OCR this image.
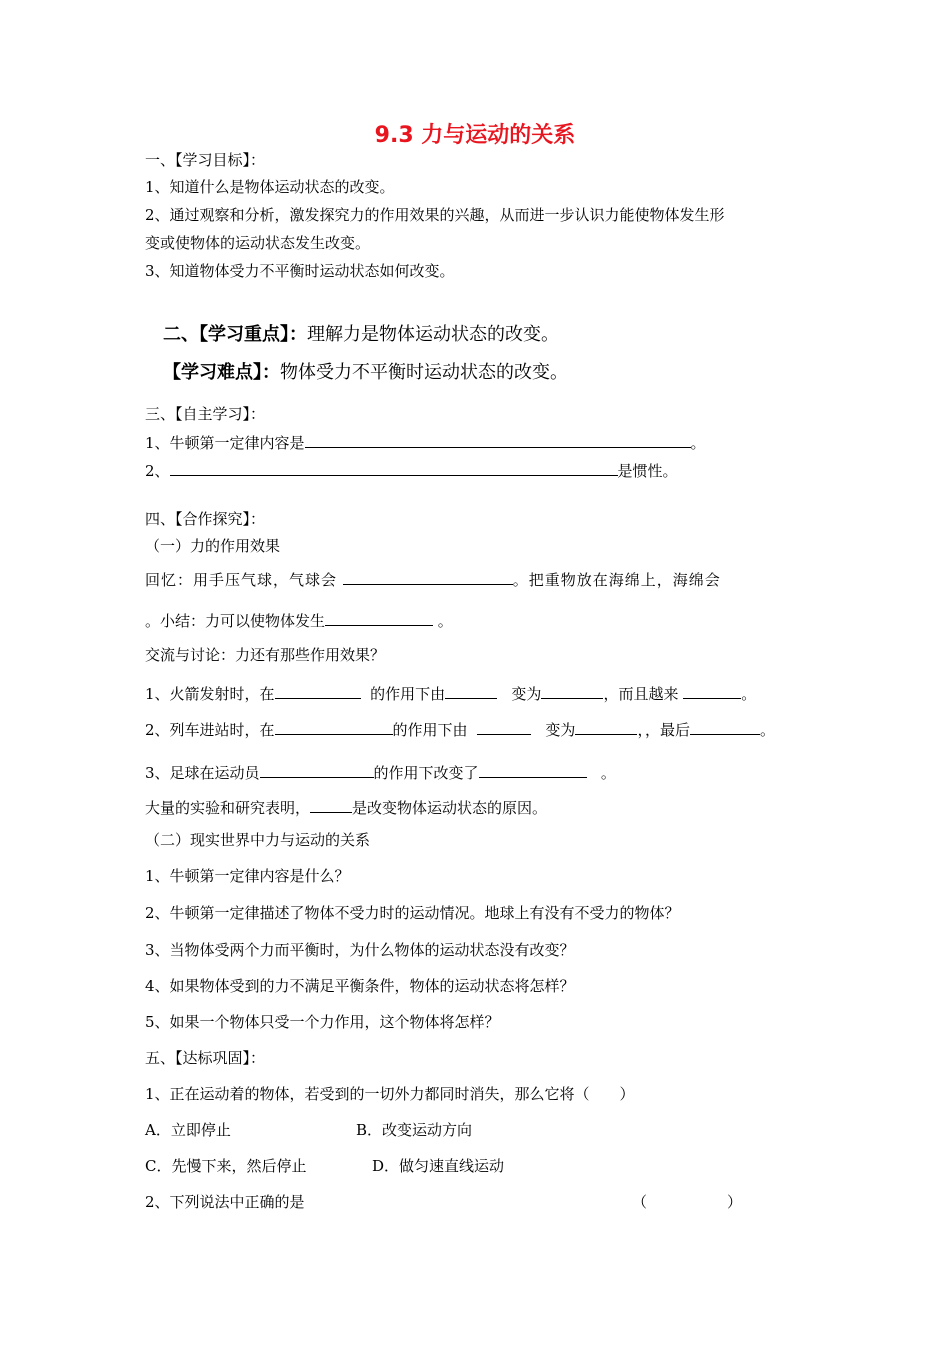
9.3 力与运动的关系
一、【学习目标】：
1、知道什么是物体运动状态的改变。
2、通过观察和分析，激发探究力的作用效果的兴趣，从而进一步认识力能使物体发生形
变或使物体的运动状态发生改变。
3、知道物体受力不平衡时运动状态如何改变。
二、【学习重点】：理解力是物体运动状态的改变。
【学习难点】：物体受力不平衡时运动状态的改变。
三、【自主学习】：
1、牛顿第一定律内容是	。
2、	是惯性。
四、【合作探究】：
（一）力的作用效果
回忆：用手压气球，气球会	。把重物放在海绵上，海绵会
。小结：力可以使物体发生	。
交流与讨论：力还有那些作用效果？
1、火箭发射时，在	的作用下由	变为	，而且越来	。
2、列车进站时，在	的作用下由	变为	，，最后	。
3、足球在运动员	的作用下改变了	。
大量的实验和研究表明，	是改变物体运动状态的原因。
（二）现实世界中力与运动的关系
1、牛顿第一定律内容是什么？
2、牛顿第一定律描述了物体不受力时的运动情况。地球上有没有不受力的物体？
3、当物体受两个力而平衡时，为什么物体的运动状态没有改变？
4、如果物体受到的力不满足平衡条件，物体的运动状态将怎样？
5、如果一个物体只受一个力作用，这个物体将怎样？
五、【达标巩固】：
1、正在运动着的物体，若受到的一切外力都同时消失，那么它将（　　）
A．立即停止	B．改变运动方向
C．先慢下来，然后停止	D．做匀速直线运动
2、下列说法中正确的是	（	）
